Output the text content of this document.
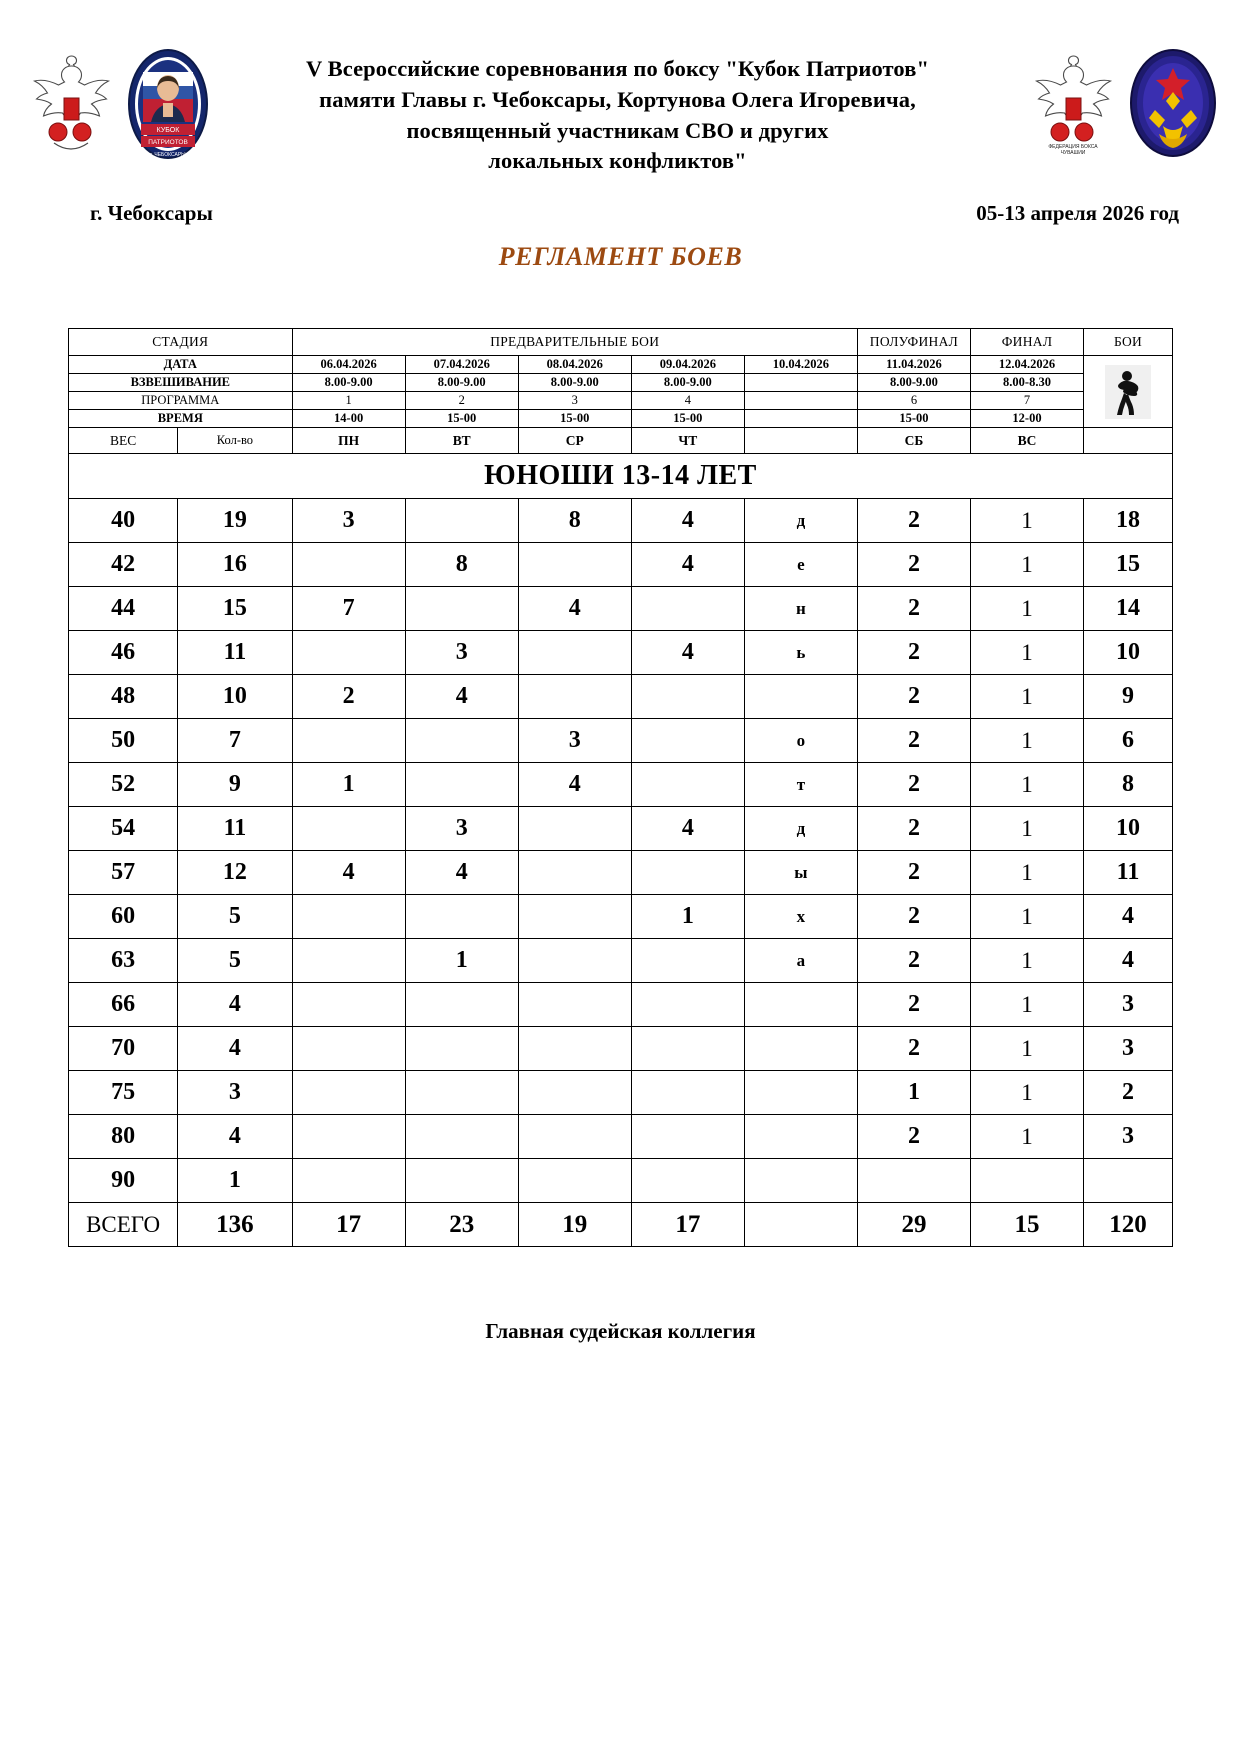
КУБОК
ПАТРИОТОВ
г. ЧЕБОКСАРЫ
V Всероссийские соревнования по боксу "Кубок Патриотов"
памяти Главы г. Чебоксары, Кортунова Олега Игоревича,
посвященный участникам СВО и других
локальных конфликтов"
ФЕДЕРАЦИЯ БОКСА
ЧУВАШИИ
г. Чебоксары	05-13 апреля 2026 год
РЕГЛАМЕНТ БОЕВ
СТАДИЯ		ПРЕДВАРИТЕЛЬНЫЕ БОИ					ПОЛУФИНАЛ	ФИНАЛ	БОИ
ДАТА		06.04.2026	07.04.2026	08.04.2026	09.04.2026	10.04.2026	11.04.2026	12.04.2026	

ВЗВЕШИВАНИЕ		8.00-9.00	8.00-9.00	8.00-9.00	8.00-9.00		8.00-9.00	8.00-8.30	
ПРОГРАММА		1	2	3	4		6	7	
ВРЕМЯ		14-00	15-00	15-00	15-00		15-00	12-00	
ВЕС	Кол-во	ПН	ВТ	СР	ЧТ		СБ	ВС	
ЮНОШИ 13-14 ЛЕТ									
40	19	3		8	4	д	2	1	18
42	16		8		4	е	2	1	15
44	15	7		4		н	2	1	14
46	11		3		4	ь	2	1	10
48	10	2	4				2	1	9
50	7			3		о	2	1	6
52	9	1		4		т	2	1	8
54	11		3		4	д	2	1	10
57	12	4	4			ы	2	1	11
60	5				1	х	2	1	4
63	5		1			а	2	1	4
66	4						2	1	3
70	4						2	1	3
75	3						1	1	2
80	4						2	1	3
90	1								
ВСЕГО	136	17	23	19	17		29	15	120
Главная судейская коллегия
